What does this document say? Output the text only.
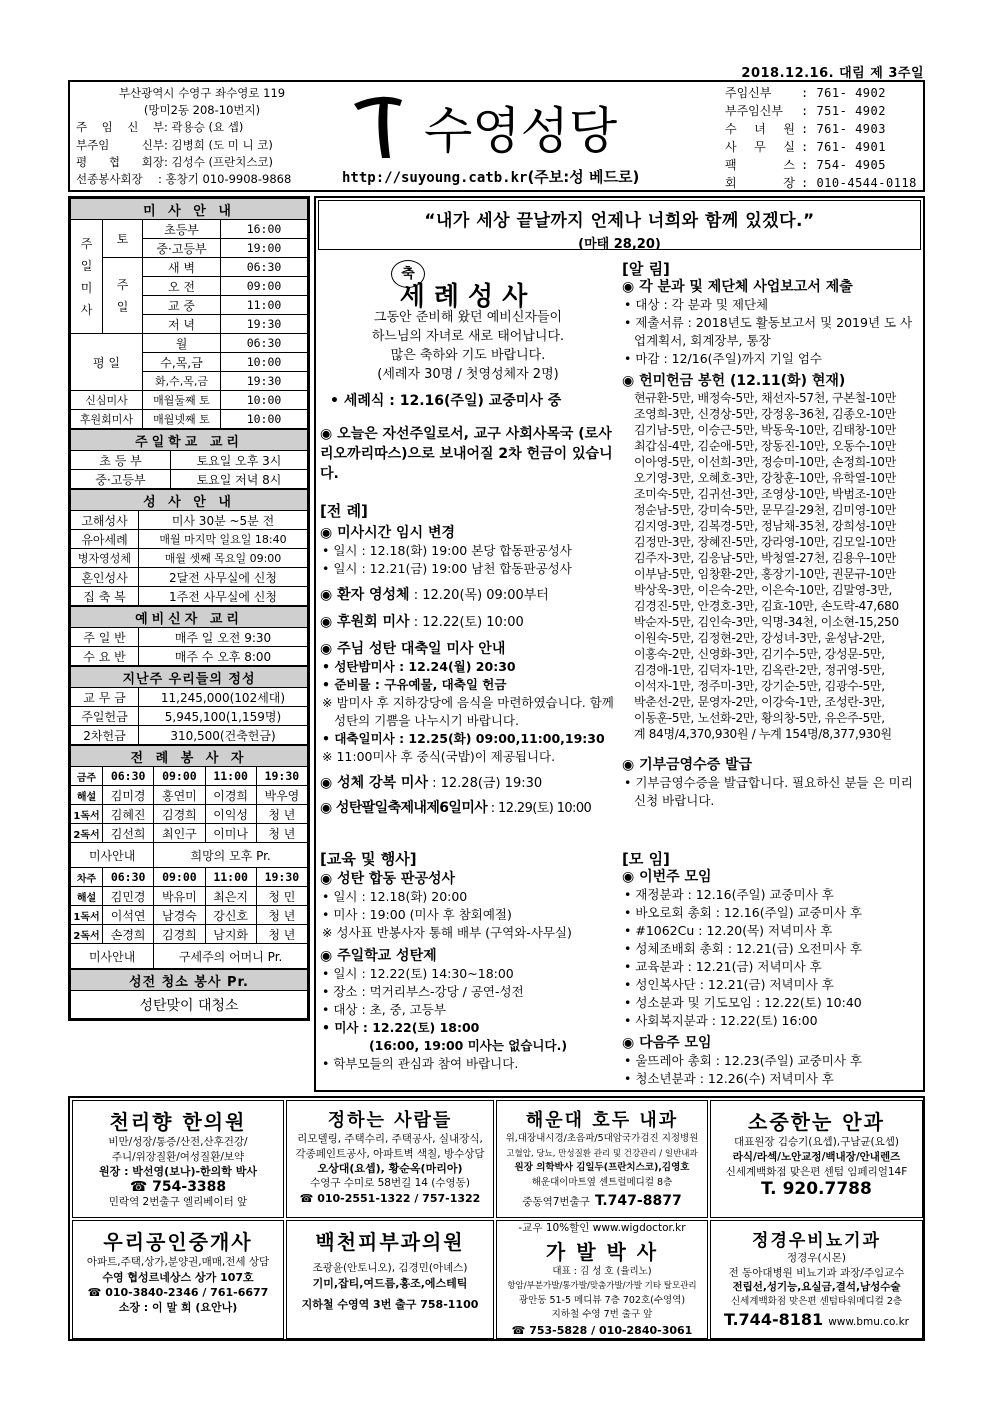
2018.12.16. 대림 제 3주일
부산광역시 수영구 좌수영로 119
(망미2동 208-10번지)
주 임 신 부 : 곽용승 (요 셉)
부주임 신부 : 김병희 (도 미 니 코)
평 협 회장 : 김성수 (프란치스코)
선종봉사회장	: 홍창기 010-9908-9868
수영성당
http://suyoung.catb.kr(주보:성 베드로)
주임신부	: 761- 4902
부주임신부	: 751- 4902
수 녀 원 : 761- 4903
사 무 실 : 761- 4901
팩 스 : 754- 4905
회 장 : 010-4544-0118
미 사 안 내			
주
일
미
사	토	초등부	16:00
		중·고등부	19:00
	주
일	새 벽	06:30
		오 전	09:00
		교 중	11:00
		저 녁	19:30
평 일		월	06:30
		수,목,금	10:00
		화,수,목,금	19:30
신심미사		매월둘째 토	10:00
후원회미사		매월넷째 토	10:00
주일학교 교리	
초 등 부	토요일 오후 3시
중·고등부	토요일 저녁 8시
성 사 안 내	
고해성사	미사 30분 ~5분 전
유아세례	매월 마지막 일요일 18:40
병자영성체	매월 셋째 목요일 09:00
혼인성사	2달전 사무실에 신청
집 축 복	1주전 사무실에 신청
예비신자 교리	
주 일 반	매주 일 오전 9:30
수 요 반	매주 수 오후 8:00
지난주 우리들의 정성	
교 무 금	11,245,000(102세대)
주일헌금	5,945,100(1,159명)
2차헌금	310,500(건축헌금)
전 례 봉 사 자				
금주	06:30	09:00	11:00	19:30
해설	김미경	홍연미	이경희	박우영
1독서	김혜진	김경희	이익성	청 년
2독서	김선희	최인구	이미나	청 년
미사안내		희망의 모후 Pr.		
차주	06:30	09:00	11:00	19:30
해설	김민경	박유미	최은지	청 민
1독서	이석연	남경숙	강신호	청 년
2독서	손경희	김경희	남지화	청 년
미사안내		구세주의 어머니 Pr.		
성전 청소 봉사 Pr.
성탄맞이 대청소
“내가 세상 끝날까지 언제나 너희와 함께 있겠다.”
(마태 28,20)
축
세례성사
그동안 준비해 왔던 예비신자들이
하느님의 자녀로 새로 태어납니다.
많은 축하와 기도 바랍니다.
(세례자 30명 / 첫영성체자 2명)
• 세례식 : 12.16(주일) 교중미사 중
◉ 오늘은 자선주일로서, 교구 사회사목국 (로사리오까리따스)으로 보내어질 2차 헌금이 있습니다.
[전 례]
◉ 미사시간 임시 변경
• 일시 : 12.18(화) 19:00 본당 합동판공성사
• 일시 : 12.21(금) 19:00 남천 합동판공성사
◉ 환자 영성체 : 12.20(목) 09:00부터
◉ 후원회 미사 : 12.22(토) 10:00
◉ 주님 성탄 대축일 미사 안내
• 성탄밤미사 : 12.24(월) 20:30
• 준비물 : 구유예물, 대축일 헌금
※ 밤미사 후 지하강당에 음식을 마련하였습니다. 함께 성탄의 기쁨을 나누시기 바랍니다.
• 대축일미사 : 12.25(화) 09:00,11:00,19:30
※ 11:00미사 후 중식(국밥)이 제공됩니다.
◉ 성체 강복 미사 : 12.28(금) 19:30
◉ 성탄팔일축제내제6일미사 : 12.29(토) 10:00
[교육 및 행사]
◉ 성탄 합동 판공성사
• 일시 : 12.18(화) 20:00
• 미사 : 19:00 (미사 후 참회예절)
※ 성사표 반봉사자 통해 배부 (구역와-사무실)
◉ 주일학교 성탄제
• 일시 : 12.22(토) 14:30~18:00
• 장소 : 먹거리부스-강당 / 공연-성전
• 대상 : 초, 중, 고등부
• 미사 : 12.22(토) 18:00
(16:00, 19:00 미사는 없습니다.)
• 학부모들의 관심과 참여 바랍니다.
[알 림]
◉ 각 분과 및 제단체 사업보고서 제출
• 대상 : 각 분과 및 제단체
• 제출서류 : 2018년도 활동보고서 및 2019년 도 사업계획서, 회계장부, 통장
• 마감 : 12/16(주일)까지 기일 엄수
◉ 헌미헌금 봉헌 (12.11(화) 현재)
현규환-5만, 배정숙-5만, 채선자-57천, 구본철-10만
조영희-3만, 신경상-5만, 강정옹-36천, 김종오-10만
김기남-5만, 이승근-5만, 박동욱-10만, 김태창-10만
최갑심-4만, 김순애-5만, 장동진-10만, 오동수-10만
이아영-5만, 이선희-3만, 정승미-10만, 손정희-10만
오기영-3만, 오혜호-3만, 강창훈-10만, 유학열-10만
조미숙-5만, 김귀선-3만, 조영상-10만, 박범조-10만
정순남-5만, 강미숙-5만, 문무길-29천, 김미영-10만
김지영-3만, 김복경-5만, 정남채-35천, 강희성-10만
김정만-3만, 장혜진-5만, 강라영-10만, 김모일-10만
김주자-3만, 김응남-5만, 박청열-27천, 김용우-10만
이부남-5만, 임창환-2만, 홍장기-10만, 권문규-10만
박상욱-3만, 이은숙-2만, 이은숙-10만, 김말영-3만,
김경진-5만, 안경호-3만, 김효-10만, 손도락-47,680
박순자-5만, 김인숙-3만, 익명-34천, 이소현-15,250
이원숙-5만, 김정현-2만, 강성녀-3만, 윤성남-2만,
이홍숙-2만, 신영화-3만, 김기수-5만, 강성문-5만,
김경애-1만, 김덕자-1만, 김옥란-2만, 정귀영-5만,
이석자-1만, 정주미-3만, 강기순-5만, 김광수-5만,
박춘선-2만, 문영자-2만, 이강숙-1만, 조성란-3만,
이동훈-5만, 노선화-2만, 황의창-5만, 유은주-5만,
계 84명/4,370,930원 / 누계 154명/8,377,930원
◉ 기부금영수증 발급
• 기부금영수증을 발급합니다. 필요하신 분들 은 미리 신청 바랍니다.
[모 임]
◉ 이번주 모임
• 재정분과 : 12.16(주일) 교중미사 후
• 바오로회 총회 : 12.16(주일) 교중미사 후
• #1062Cu : 12.20(목) 저녁미사 후
• 성체조배회 총회 : 12.21(금) 오전미사 후
• 교육분과 : 12.21(금) 저녁미사 후
• 성인복사단 : 12.21(금) 저녁미사 후
• 성소분과 및 기도모임 : 12.22(토) 10:40
• 사회복지분과 : 12.22(토) 16:00
◉ 다음주 모임
• 울뜨레아 총회 : 12.23(주일) 교중미사 후
• 청소년분과 : 12.26(수) 저녁미사 후
천리향 한의원
비만/성장/통증/산전,산후건강/
주니/위장질환/여성질환/보약
원장 : 박선영(보나)-한의학 박사
☎ 754-3388
민락역 2번출구 엘리베이터 앞
정하는 사람들
리모델링, 주택수리, 주택공사, 실내장식,
각종페인트공사, 아파트벽 색칠, 방수상담
오상대(요셉), 황순옥(마리아)
수영구 수미로 58번길 14 (수영동)
☎ 010-2551-1322 / 757-1322
해운대 호두 내과
위,대장내시경/초음파/5대암국가검진 지정병원
고혈압, 당뇨, 만성질환 관리 및 건강관리 / 일반내과
원장 의학박사 김일두(프란치스코),김영호
해운대이마트옆 센트럴메디컬 8층
중동역7번출구 T.747-8877
소중한눈 안과
대표원장 김승기(요셉),구남균(요셉)
라식/라섹/노안교정/백내장/안내렌즈
신세계백화점 맞은편 센텀 임페리얼14F
T. 920.7788
우리공인중개사
아파트,주택,상가,분양권,매매,전세 상담
수영 협성르네상스 상가 107호
☎ 010-3840-2346 / 761-6677
소장 : 이 말 희 (요안나)
백천피부과의원
조광윤(안토니오), 김경민(아녜스)
기미,잡티,여드름,홍조,에스테틱
지하철 수영역 3번 출구 758-1100
-교우 10%할인 www.wigdoctor.kr
가 발 박 사
대표 : 김 성 호 (율리노)
항암/부분가발/통가발/맞춤가발/가발 기타 탈모관리
광안동 51-5 메디뷰 7층 702호(수영역)
지하철 수영 7번 출구 앞
☎ 753-5828 / 010-2840-3061
정경우비뇨기과
정경우(시몬)
전 동아대병원 비뇨기과 과장/주임교수
전립선,성기능,요실금,결석,남성수술
신세계백화점 맞은편 센텀타워메디컬 2층
T.744-8181 www.bmu.co.kr
